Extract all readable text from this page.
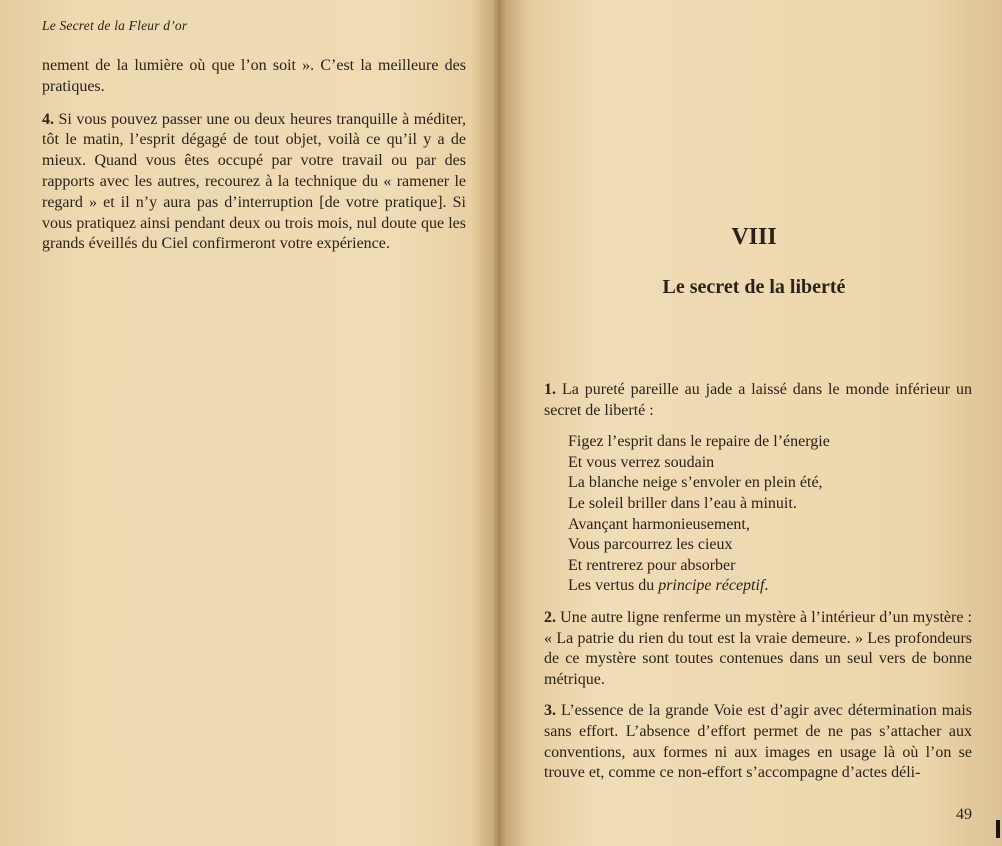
Le Secret de la Fleur d’or

nement de la lumière où que l’on soit ». C’est la meilleure des pratiques.

4. Si vous pouvez passer une ou deux heures tranquille à méditer, tôt le matin, l’esprit dégagé de tout objet, voilà ce qu’il y a de mieux. Quand vous êtes occupé par votre travail ou par des rapports avec les autres, recourez à la technique du « ramener le regard » et il n’y aura pas d’interruption [de votre pratique]. Si vous pratiquez ainsi pendant deux ou trois mois, nul doute que les grands éveillés du Ciel confirmeront votre expérience.	VIII
Le secret de la liberté

1. La pureté pareille au jade a laissé dans le monde inférieur un secret de liberté :

Figez l’esprit dans le repaire de l’énergie
Et vous verrez soudain
La blanche neige s’envoler en plein été,
Le soleil briller dans l’eau à minuit.
Avançant harmonieusement,
Vous parcourrez les cieux
Et rentrerez pour absorber
Les vertus du principe réceptif.

2. Une autre ligne renferme un mystère à l’intérieur d’un mystère : « La patrie du rien du tout est la vraie demeure. » Les profondeurs de ce mystère sont toutes contenues dans un seul vers de bonne métrique.

3. L’essence de la grande Voie est d’agir avec détermination mais sans effort. L’absence d’effort permet de ne pas s’attacher aux conventions, aux formes ni aux images en usage là où l’on se trouve et, comme ce non-effort s’accompagne d’actes déli-

49
